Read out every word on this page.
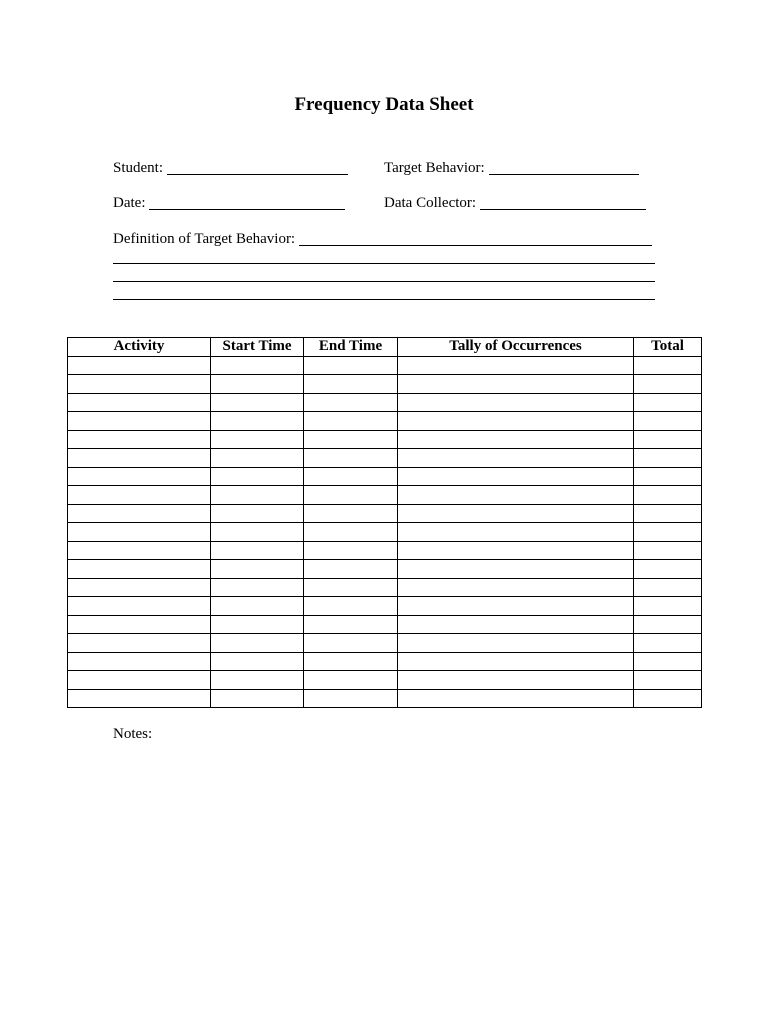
Frequency Data Sheet
Student:	Target Behavior:
Date:	Data Collector:
Definition of Target Behavior:
Activity	Start Time	End Time	Tally of Occurrences	Total

Notes:
